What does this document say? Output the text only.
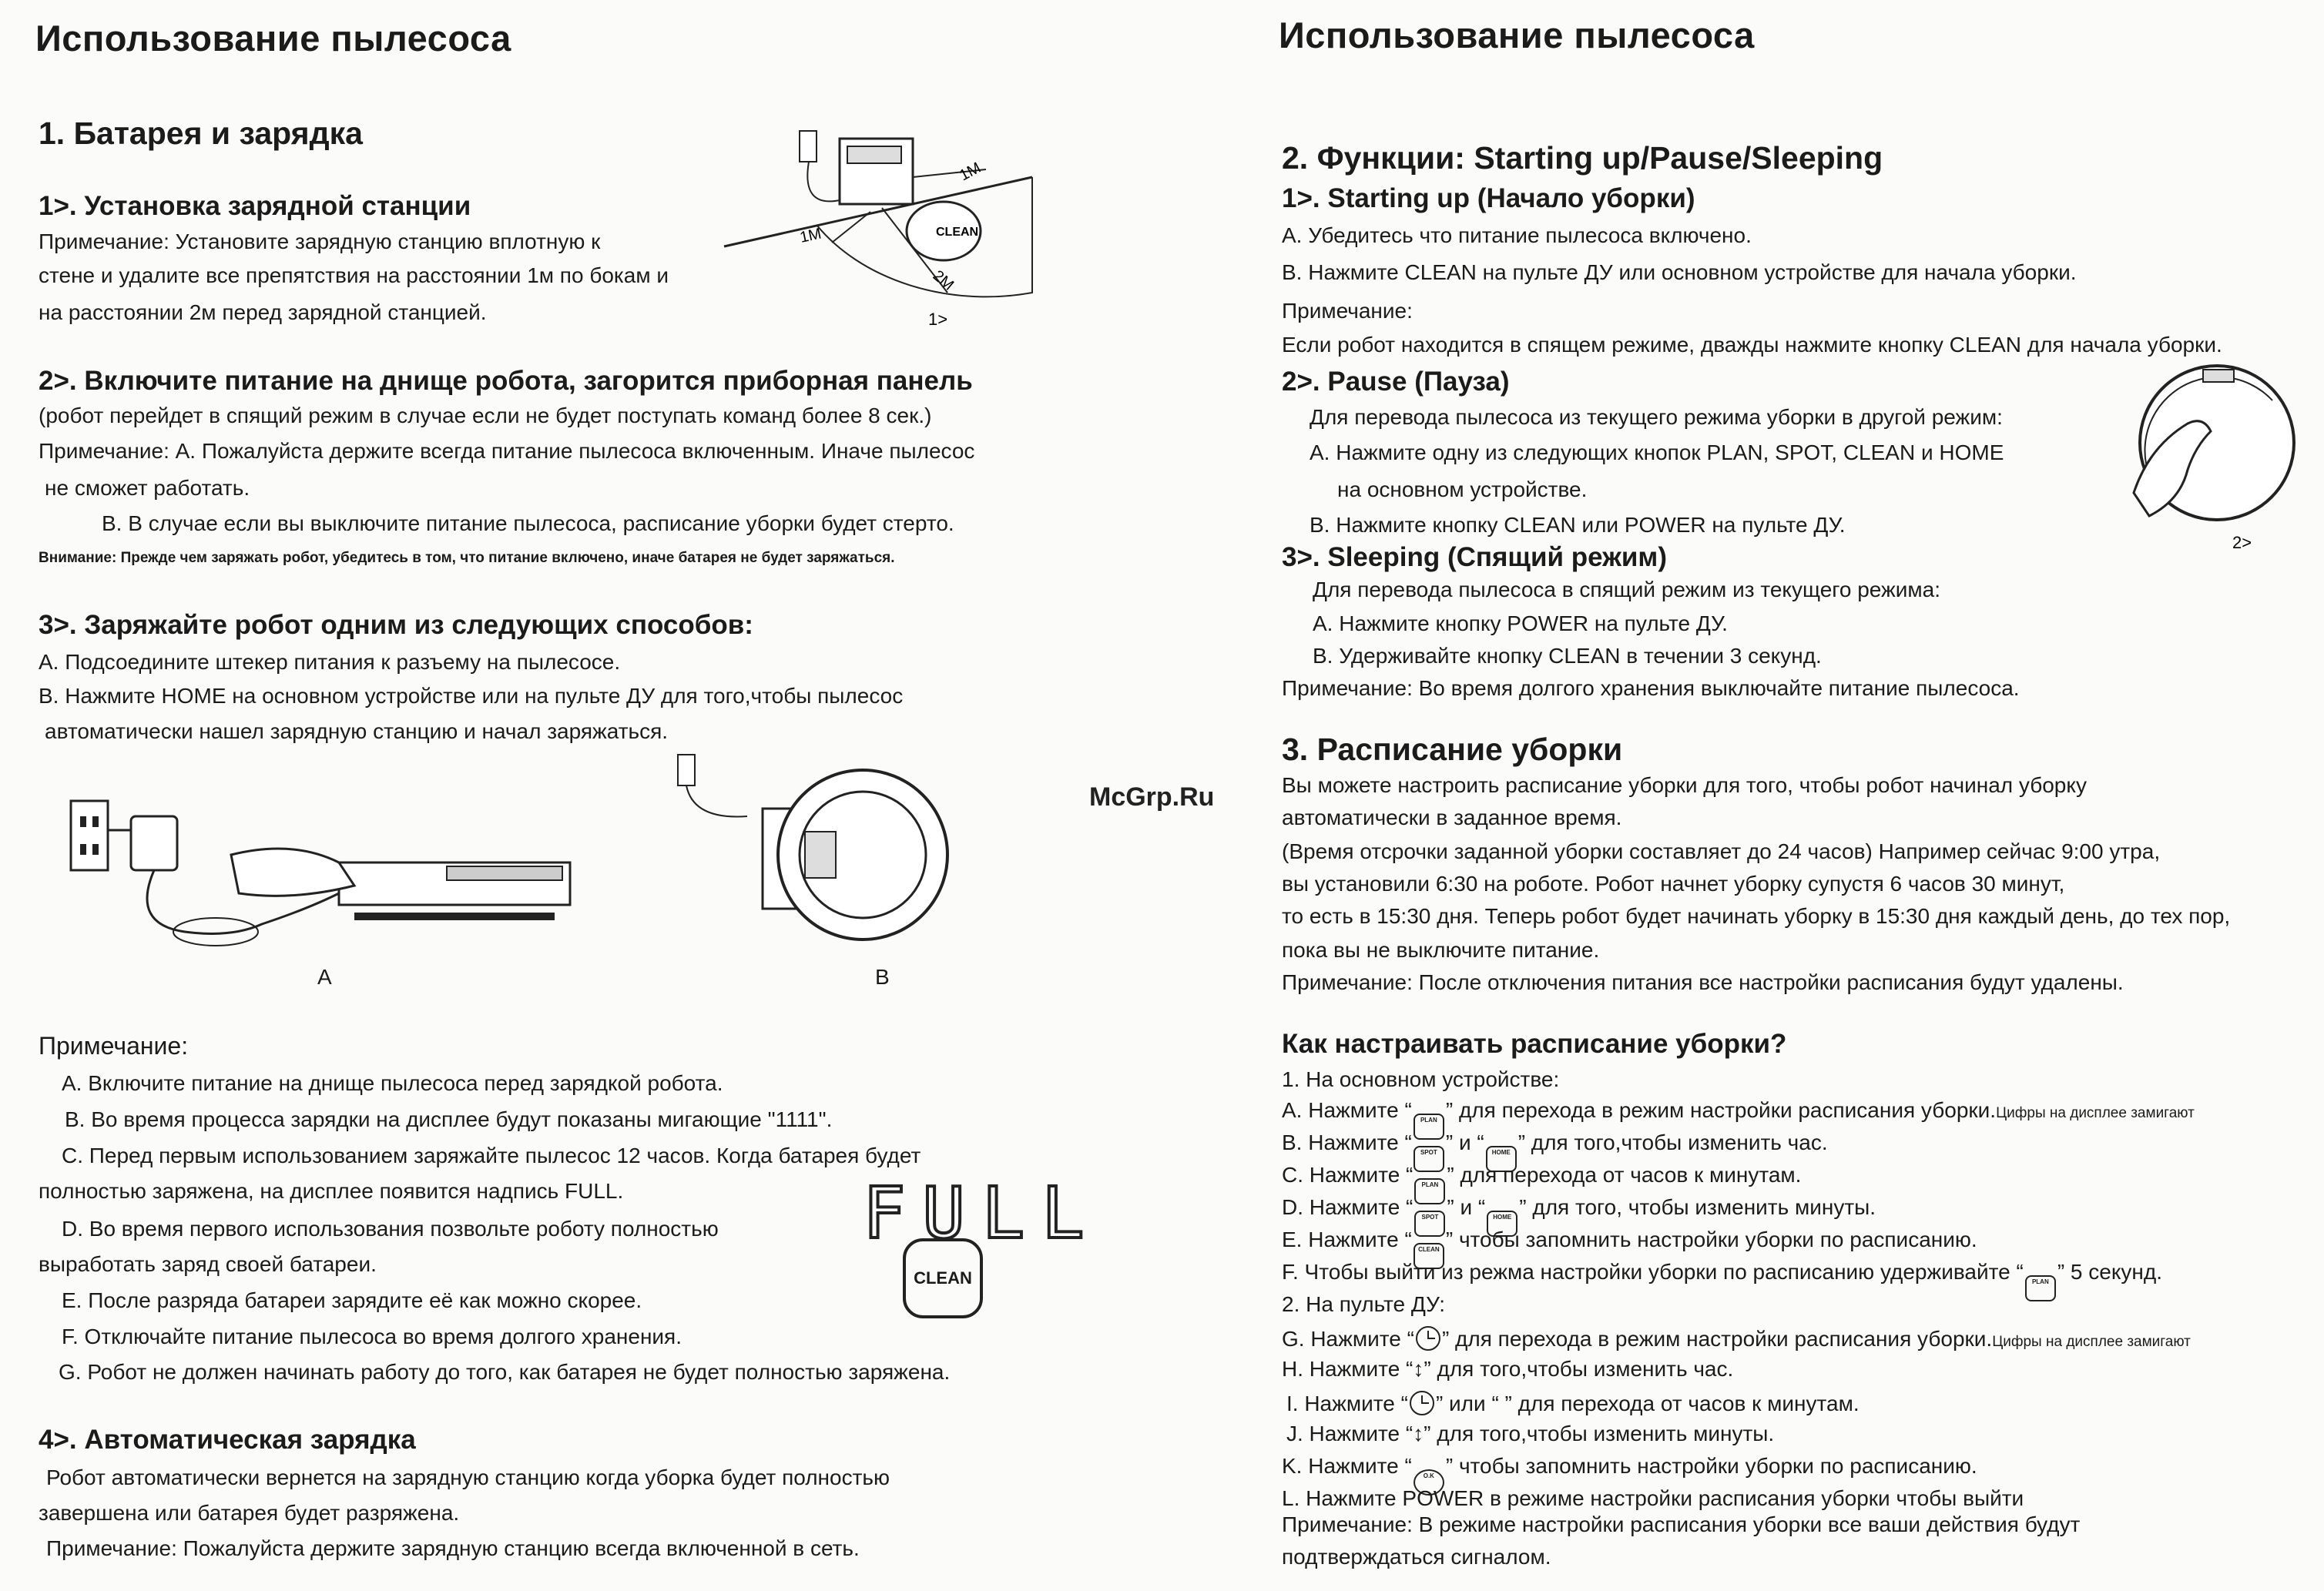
Использование пылесоса
1. Батарея и зарядка
1>. Установка зарядной станции
Примечание: Установите зарядную станцию вплотную к
стене и удалите все препятствия на расстоянии 1м по бокам и
на расстоянии 2м перед зарядной станцией.
CLEAN
1M
1M
2M
1>
2>. Включите питание на днище робота, загорится приборная панель
(робот перейдет в спящий режим в случае если не будет поступать команд более 8 сек.)
Примечание: A. Пожалуйста держите всегда питание пылесоса включенным. Иначе пылесос
не сможет работать.
B. В случае если вы выключите питание пылесоса, расписание уборки будет стерто.
Внимание: Прежде чем заряжать робот, убедитесь в том, что питание включено, иначе батарея не будет заряжаться.
3>. Заряжайте робот одним из следующих способов:
A. Подсоедините штекер питания к разъему на пылесосе.
B. Нажмите HOME на основном устройстве или на пульте ДУ для того,чтобы пылесос
автоматически нашел зарядную станцию и начал заряжаться.
A	B
Примечание:
A. Включите питание на днище пылесоса перед зарядкой робота.
B. Во время процесса зарядки на дисплее будут показаны мигающие "1111".
C. Перед первым использованием заряжайте пылесос 12 часов. Когда батарея будет
полностью заряжена, на дисплее появится надпись FULL.
D. Во время первого использования позвольте роботу полностью
выработать заряд своей батареи.
E. После разряда батареи зарядите её как можно скорее.
F. Отключайте питание пылесоса во время долгого хранения.
G. Робот не должен начинать работу до того, как батарея не будет полностью заряжена.
FULL
CLEAN
4>. Автоматическая зарядка
Робот автоматически вернется на зарядную станцию когда уборка будет полностью
завершена или батарея будет разряжена.
Примечание: Пожалуйста держите зарядную станцию всегда включенной в сеть.
Использование пылесоса
2. Функции: Starting up/Pause/Sleeping
1>. Starting up (Начало уборки)
A. Убедитесь что питание пылесоса включено.
B. Нажмите CLEAN на пульте ДУ или основном устройстве для начала уборки.
Примечание:
Если робот находится в спящем режиме, дважды нажмите кнопку CLEAN для начала уборки.
2>. Pause (Пауза)
Для перевода пылесоса из текущего режима уборки в другой режим:
A. Нажмите одну из следующих кнопок PLAN, SPOT, CLEAN и HOME
на основном устройстве.
B. Нажмите кнопку CLEAN или POWER на пульте ДУ.
2>
3>. Sleeping (Спящий режим)
Для перевода пылесоса в спящий режим из текущего режима:
A. Нажмите кнопку POWER на пульте ДУ.
B. Удерживайте кнопку CLEAN в течении 3 секунд.
Примечание: Во время долгого хранения выключайте питание пылесоса.
3. Расписание уборки
Вы можете настроить расписание уборки для того, чтобы робот начинал уборку
автоматически в заданное время.
(Время отсрочки заданной уборки составляет до 24 часов) Например сейчас 9:00 утра,
вы установили 6:30 на роботе. Робот начнет уборку супустя 6 часов 30 минут,
то есть в 15:30 дня. Теперь робот будет начинать уборку в 15:30 дня каждый день, до тех пор,
пока вы не выключите питание.
Примечание: После отключения питания все настройки расписания будут удалены.
Как настраивать расписание уборки?
1. На основном устройстве:
A. Нажмите “ PLAN ” для перехода в режим настройки расписания уборки.Цифры на дисплее замигают
B. Нажмите “ SPOT ” и “ HOME ” для того,чтобы изменить час.
C. Нажмите “ PLAN ” для перехода от часов к минутам.
D. Нажмите “ SPOT ” и “ HOME ” для того, чтобы изменить минуты.
E. Нажмите “ CLEAN ” чтобы запомнить настройки уборки по расписанию.
F. Чтобы выйти из режма настройки уборки по расписанию удерживайте “ PLAN ” 5 секунд.
2. На пульте ДУ:
G. Нажмите “ ” для перехода в режим настройки расписания уборки.Цифры на дисплее замигают
H. Нажмите “↕” для того,чтобы изменить час.
I. Нажмите “ ” или “ ” для перехода от часов к минутам.
J. Нажмите “↕” для того,чтобы изменить минуты.
K. Нажмите “ O.K ” чтобы запомнить настройки уборки по расписанию.
L. Нажмите POWER в режиме настройки расписания уборки чтобы выйти
Примечание: В режиме настройки расписания уборки все ваши действия будут
подтверждаться сигналом.
McGrp.Ru
